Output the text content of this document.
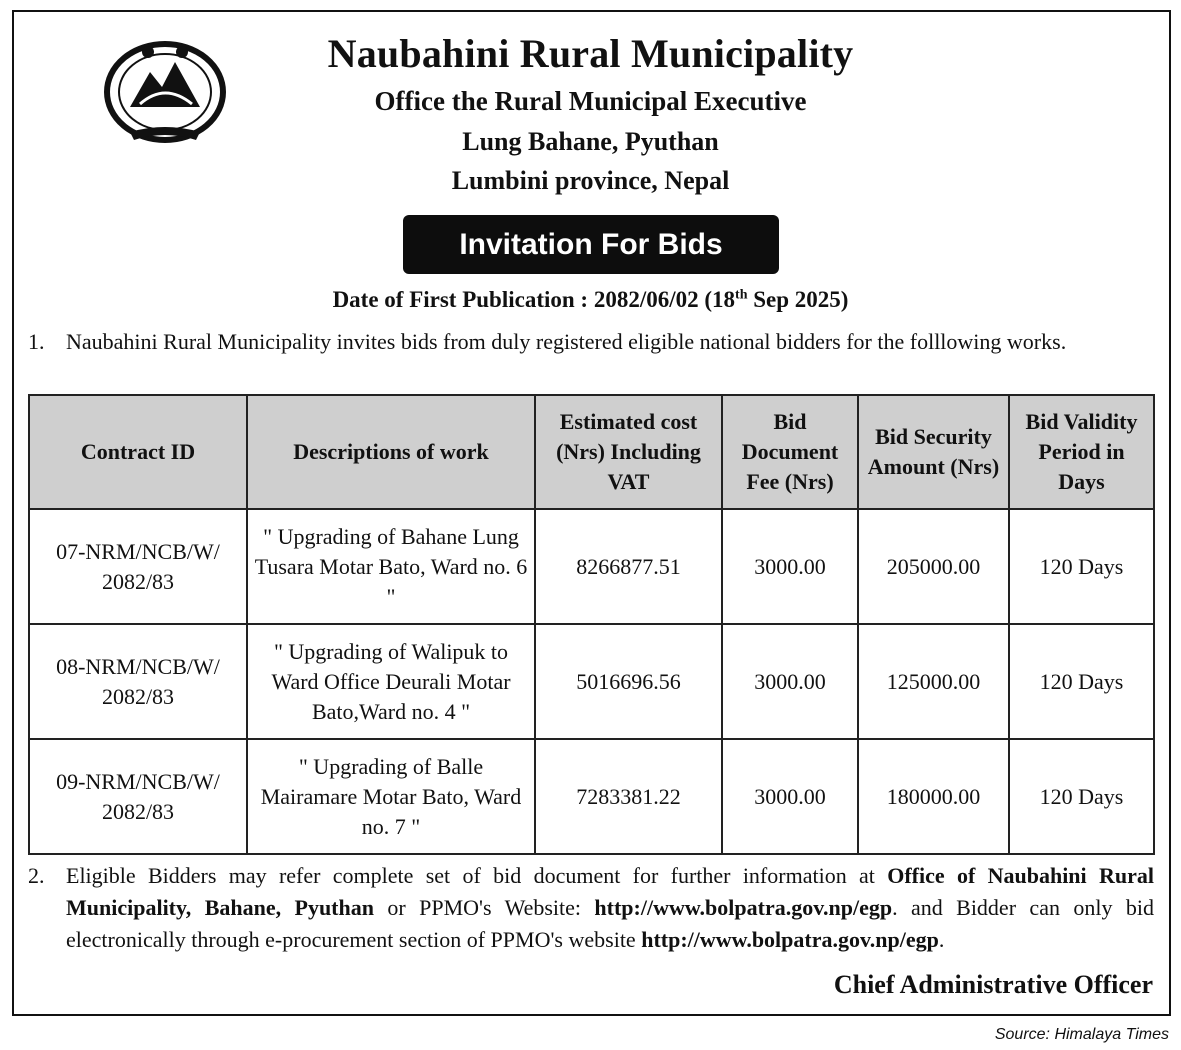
Naubahini Rural Municipality
Office the Rural Municipal Executive
Lung Bahane, Pyuthan
Lumbini province, Nepal
Invitation For Bids
Date of First Publication : 2082/06/02 (18th Sep 2025)
1. Naubahini Rural Municipality invites bids from duly registered eligible national bidders for the folllowing works.
Contract ID	Descriptions of work	Estimated cost (Nrs) Including VAT	Bid Document Fee (Nrs)	Bid Security Amount (Nrs)	Bid Validity Period in Days
07-NRM/NCB/W/ 2082/83	" Upgrading of Bahane Lung Tusara Motar Bato, Ward no. 6 "	8266877.51	3000.00	205000.00	120 Days
08-NRM/NCB/W/ 2082/83	" Upgrading of Walipuk to Ward Office Deurali Motar Bato,Ward no. 4 "	5016696.56	3000.00	125000.00	120 Days
09-NRM/NCB/W/ 2082/83	" Upgrading of Balle Mairamare Motar Bato, Ward no. 7 "	7283381.22	3000.00	180000.00	120 Days
2. Eligible Bidders may refer complete set of bid document for further information at Office of Naubahini Rural Municipality, Bahane, Pyuthan or PPMO's Website: http://www.bolpatra.gov.np/egp. and Bidder can only bid electronically through e-procurement section of PPMO's website http://www.bolpatra.gov.np/egp.
Chief Administrative Officer
Source: Himalaya Times
